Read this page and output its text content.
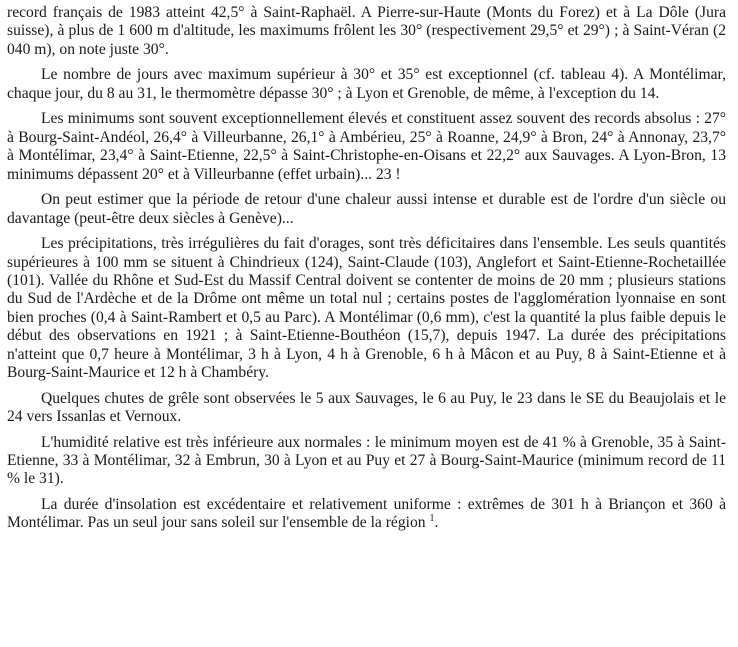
record français de 1983 atteint 42,5° à Saint-Raphaël. A Pierre-sur-Haute (Monts du Forez) et à La Dôle (Jura suisse), à plus de 1 600 m d'altitude, les maximums frôlent les 30° (respectivement 29,5° et 29°) ; à Saint-Véran (2 040 m), on note juste 30°.

Le nombre de jours avec maximum supérieur à 30° et 35° est exceptionnel (cf. tableau 4). A Montélimar, chaque jour, du 8 au 31, le thermomètre dépasse 30° ; à Lyon et Grenoble, de même, à l'exception du 14.

Les minimums sont souvent exceptionnellement élevés et constituent assez souvent des records absolus : 27° à Bourg-Saint-Andéol, 26,4° à Villeurbanne, 26,1° à Ambérieu, 25° à Roanne, 24,9° à Bron, 24° à Annonay, 23,7° à Montélimar, 23,4° à Saint-Etienne, 22,5° à Saint-Christophe-en-Oisans et 22,2° aux Sauvages. A Lyon-Bron, 13 minimums dépassent 20° et à Villeurbanne (effet urbain)... 23 !

On peut estimer que la période de retour d'une chaleur aussi intense et durable est de l'ordre d'un siècle ou davantage (peut-être deux siècles à Genève)...

Les précipitations, très irrégulières du fait d'orages, sont très déficitaires dans l'ensemble. Les seuls quantités supérieures à 100 mm se situent à Chindrieux (124), Saint-Claude (103), Anglefort et Saint-Etienne-Rochetaillée (101). Vallée du Rhône et Sud-Est du Massif Central doivent se contenter de moins de 20 mm ; plusieurs stations du Sud de l'Ardèche et de la Drôme ont même un total nul ; certains postes de l'agglomération lyonnaise en sont bien proches (0,4 à Saint-Rambert et 0,5 au Parc). A Montélimar (0,6 mm), c'est la quantité la plus faible depuis le début des observations en 1921 ; à Saint-Etienne-Bouthéon (15,7), depuis 1947. La durée des précipitations n'atteint que 0,7 heure à Montélimar, 3 h à Lyon, 4 h à Grenoble, 6 h à Mâcon et au Puy, 8 à Saint-Etienne et à Bourg-Saint-Maurice et 12 h à Chambéry.

Quelques chutes de grêle sont observées le 5 aux Sauvages, le 6 au Puy, le 23 dans le SE du Beaujolais et le 24 vers Issanlas et Vernoux.

L'humidité relative est très inférieure aux normales : le minimum moyen est de 41 % à Grenoble, 35 à Saint-Etienne, 33 à Montélimar, 32 à Embrun, 30 à Lyon et au Puy et 27 à Bourg-Saint-Maurice (minimum record de 11 % le 31).

La durée d'insolation est excédentaire et relativement uniforme : extrêmes de 301 h à Briançon et 360 à Montélimar. Pas un seul jour sans soleil sur l'ensemble de la région $^1$.
